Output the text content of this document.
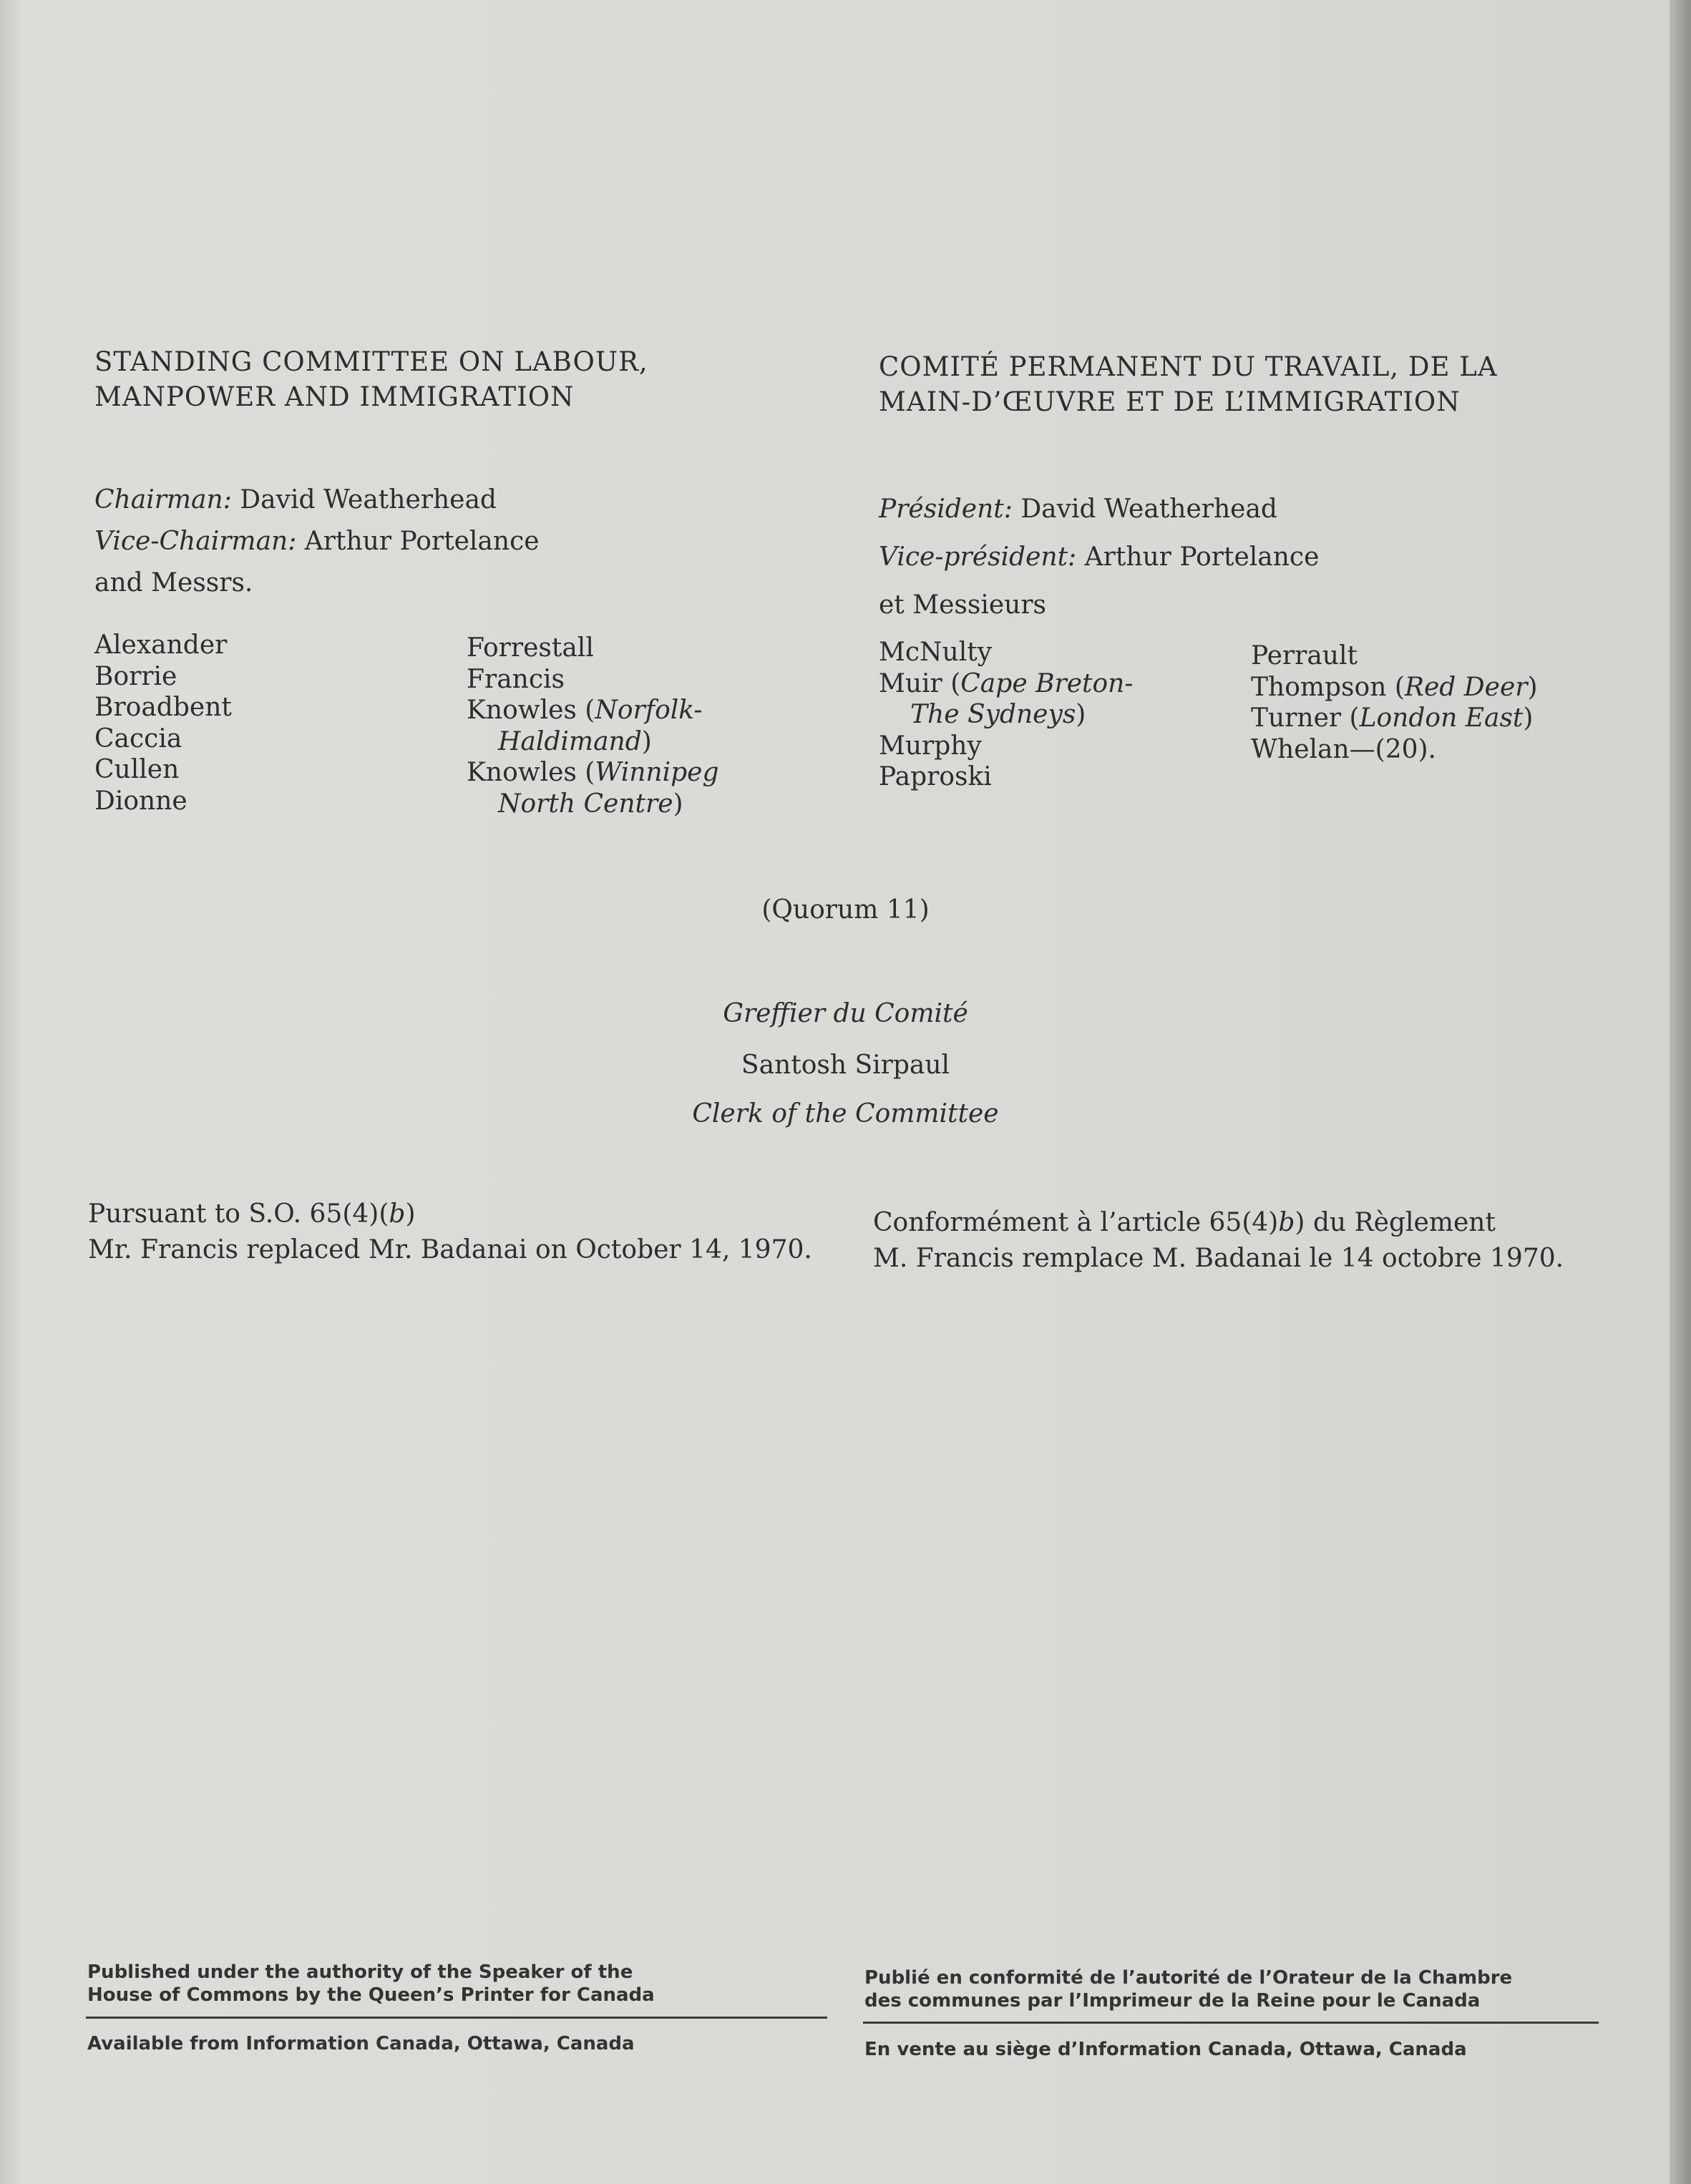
STANDING COMMITTEE ON LABOUR,
MANPOWER AND IMMIGRATION
COMITÉ PERMANENT DU TRAVAIL, DE LA
MAIN-D’ŒUVRE ET DE L’IMMIGRATION
Chairman: David Weatherhead
Vice-Chairman: Arthur Portelance
and Messrs.
Président: David Weatherhead
Vice-président: Arthur Portelance
et Messieurs
Alexander
Borrie
Broadbent
Caccia
Cullen
Dionne
Forrestall
Francis
Knowles (Norfolk-
Haldimand)
Knowles (Winnipeg
North Centre)
McNulty
Muir (Cape Breton-
The Sydneys)
Murphy
Paproski
Perrault
Thompson (Red Deer)
Turner (London East)
Whelan—(20).
(Quorum 11)
Greffier du Comité
Santosh Sirpaul
Clerk of the Committee
Pursuant to S.O. 65(4)(b)
Mr. Francis replaced Mr. Badanai on October 14, 1970.
Conformément à l’article 65(4)b) du Règlement
M. Francis remplace M. Badanai le 14 octobre 1970.
Published under the authority of the Speaker of the
House of Commons by the Queen’s Printer for Canada
Publié en conformité de l’autorité de l’Orateur de la Chambre
des communes par l’Imprimeur de la Reine pour le Canada
Available from Information Canada, Ottawa, Canada	En vente au siège d’Information Canada, Ottawa, Canada
